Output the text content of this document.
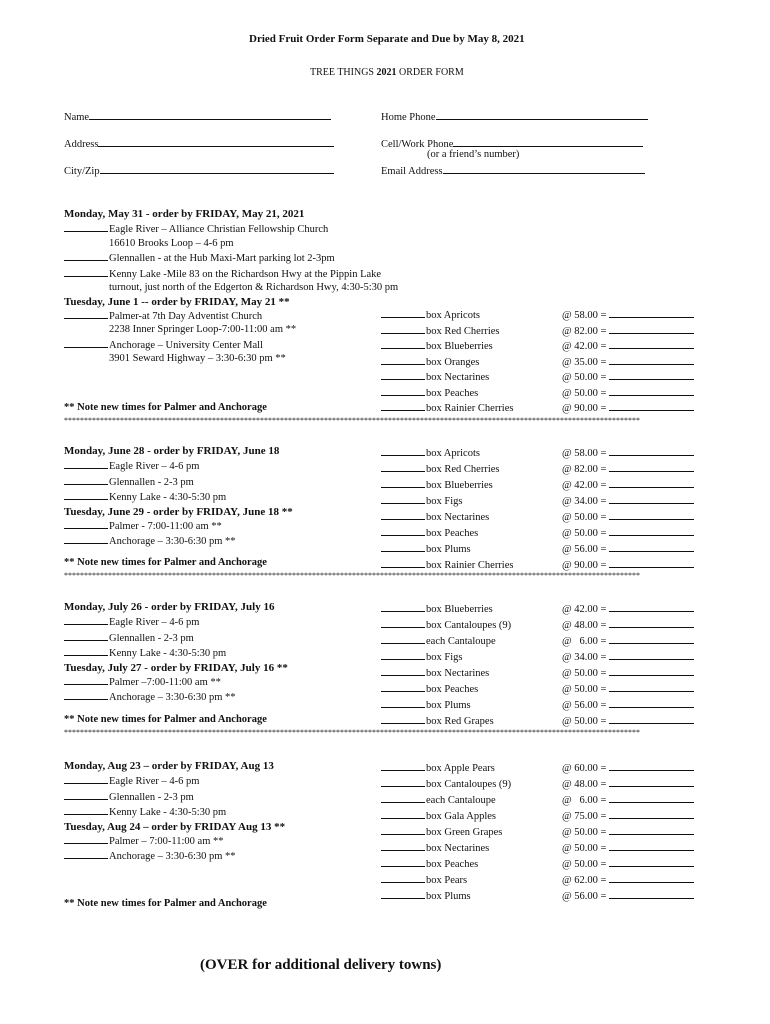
Dried Fruit Order Form Separate and Due by May 8, 2021
TREE THINGS 2021 ORDER FORM
Name
Address
City/Zip
Home Phone
Cell/Work Phone
(or a friend’s number)
Email Address
Monday, May 31 - order by FRIDAY, May 21, 2021
Eagle River – Alliance Christian Fellowship Church
16610 Brooks Loop – 4-6 pm
Glennallen - at the Hub Maxi-Mart parking lot 2-3pm
Kenny Lake -Mile 83 on the Richardson Hwy at the Pippin Lake
turnout, just north of the Edgerton & Richardson Hwy, 4:30-5:30 pm
Tuesday, June 1 -- order by FRIDAY, May 21 **
Palmer-at 7th Day Adventist Church
2238 Inner Springer Loop-7:00-11:00 am **
Anchorage – University Center Mall
3901 Seward Highway – 3:30-6:30 pm **
box Apricots
box Red Cherries
box Blueberries
box Oranges
box Nectarines
box Peaches
box Rainier Cherries
@ 58.00 =
@ 82.00 =
@ 42.00 =
@ 35.00 =
@ 50.00 =
@ 50.00 =
@ 90.00 =
** Note new times for Palmer and Anchorage
************************************************************************************************************************************************
Monday, June 28 - order by FRIDAY, June 18
Eagle River – 4-6 pm
Glennallen - 2-3 pm
Kenny Lake - 4:30-5:30 pm
Tuesday, June 29 - order by FRIDAY, June 18 **
Palmer - 7:00-11:00 am **
Anchorage – 3:30-6:30 pm **
box Apricots
box Red Cherries
box Blueberries
box Figs
box Nectarines
box Peaches
box Plums
box Rainier Cherries
@ 58.00 =
@ 82.00 =
@ 42.00 =
@ 34.00 =
@ 50.00 =
@ 50.00 =
@ 56.00 =
@ 90.00 =
** Note new times for Palmer and Anchorage
************************************************************************************************************************************************
Monday, July 26 - order by FRIDAY, July 16
Eagle River – 4-6 pm
Glennallen - 2-3 pm
Kenny Lake - 4:30-5:30 pm
Tuesday, July 27 - order by FRIDAY, July 16 **
Palmer –7:00-11:00 am **
Anchorage – 3:30-6:30 pm **
box Blueberries
box Cantaloupes (9)
each Cantaloupe
box Figs
box Nectarines
box Peaches
box Plums
box Red Grapes
@ 42.00 =
@ 48.00 =
@   6.00 =
@ 34.00 =
@ 50.00 =
@ 50.00 =
@ 56.00 =
@ 50.00 =
** Note new times for Palmer and Anchorage
************************************************************************************************************************************************
Monday, Aug 23 – order by FRIDAY, Aug 13
Eagle River – 4-6 pm
Glennallen - 2-3 pm
Kenny Lake - 4:30-5:30 pm
Tuesday, Aug 24 – order by FRIDAY Aug 13 **
Palmer – 7:00-11:00 am **
Anchorage – 3:30-6:30 pm **
box Apple Pears
box Cantaloupes (9)
each Cantaloupe
box Gala Apples
box Green Grapes
box Nectarines
box Peaches
box Pears
box Plums
@ 60.00 =
@ 48.00 =
@   6.00 =
@ 75.00 =
@ 50.00 =
@ 50.00 =
@ 50.00 =
@ 62.00 =
@ 56.00 =
** Note new times for Palmer and Anchorage
(OVER for additional delivery towns)
